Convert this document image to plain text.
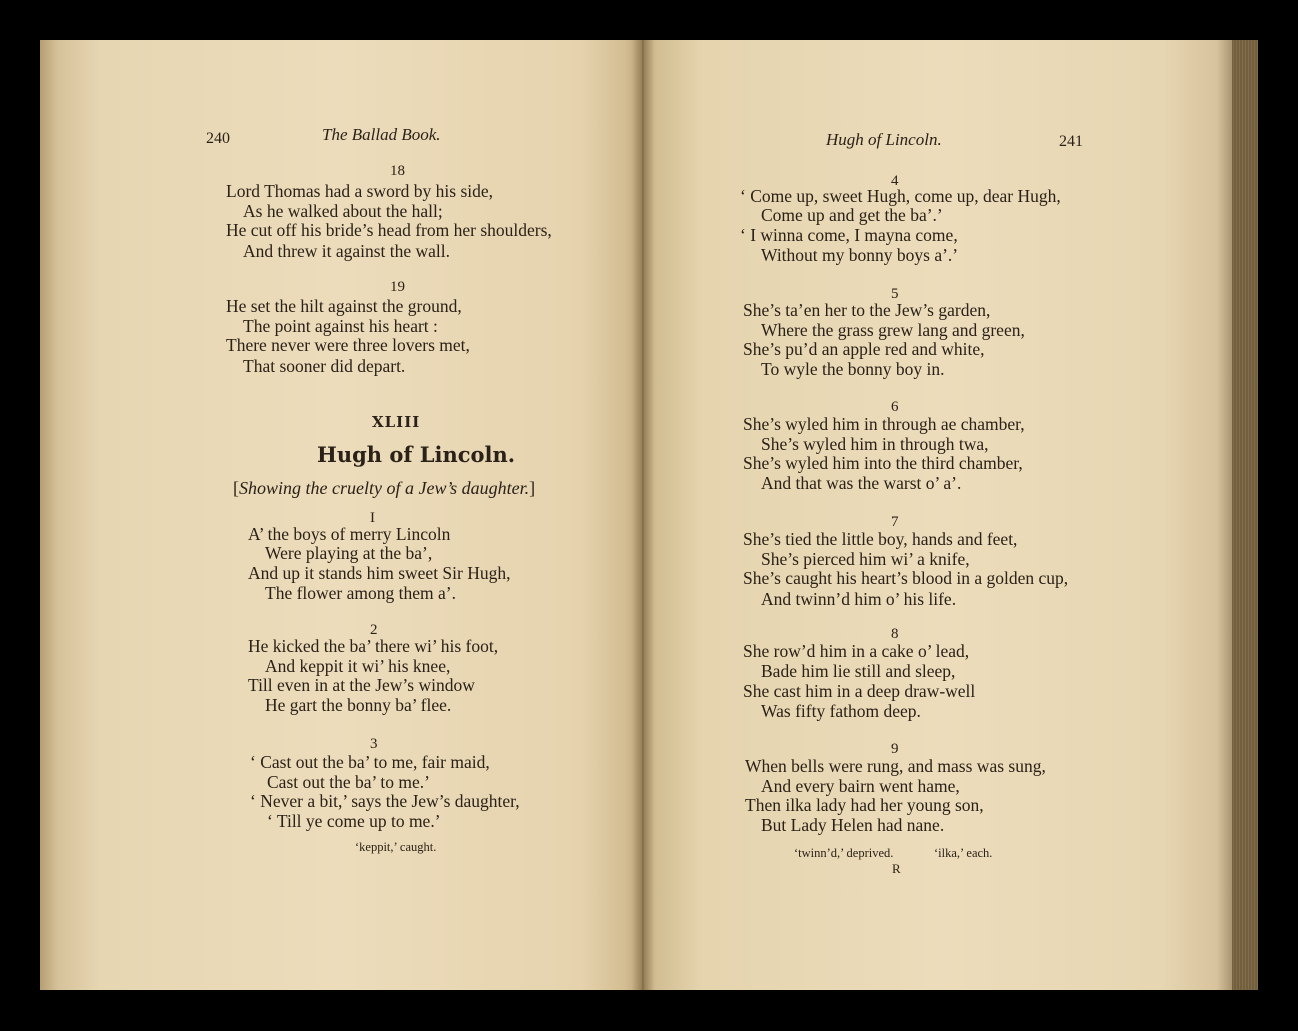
240	The Ballad Book.
18
Lord Thomas had a sword by his side,
As he walked about the hall;
He cut off his bride’s head from her shoulders,
And threw it against the wall.
19
He set the hilt against the ground,
The point against his heart :
There never were three lovers met,
That sooner did depart.
XLIII
Hugh of Lincoln.
[Showing the cruelty of a Jew’s daughter.]
I
A’ the boys of merry Lincoln
Were playing at the ba’,
And up it stands him sweet Sir Hugh,
The flower among them a’.
2
He kicked the ba’ there wi’ his foot,
And keppit it wi’ his knee,
Till even in at the Jew’s window
He gart the bonny ba’ flee.
3
‘ Cast out the ba’ to me, fair maid,
Cast out the ba’ to me.’
‘ Never a bit,’ says the Jew’s daughter,
‘ Till ye come up to me.’
‘keppit,’ caught.
Hugh of Lincoln.	241
4
‘ Come up, sweet Hugh, come up, dear Hugh,
Come up and get the ba’.’
‘ I winna come, I mayna come,
Without my bonny boys a’.’
5
She’s ta’en her to the Jew’s garden,
Where the grass grew lang and green,
She’s pu’d an apple red and white,
To wyle the bonny boy in.
6
She’s wyled him in through ae chamber,
She’s wyled him in through twa,
She’s wyled him into the third chamber,
And that was the warst o’ a’.
7
She’s tied the little boy, hands and feet,
She’s pierced him wi’ a knife,
She’s caught his heart’s blood in a golden cup,
And twinn’d him o’ his life.
8
She row’d him in a cake o’ lead,
Bade him lie still and sleep,
She cast him in a deep draw-well
Was fifty fathom deep.
9
When bells were rung, and mass was sung,
And every bairn went hame,
Then ilka lady had her young son,
But Lady Helen had nane.
‘twinn’d,’ deprived.	‘ilka,’ each.
R
